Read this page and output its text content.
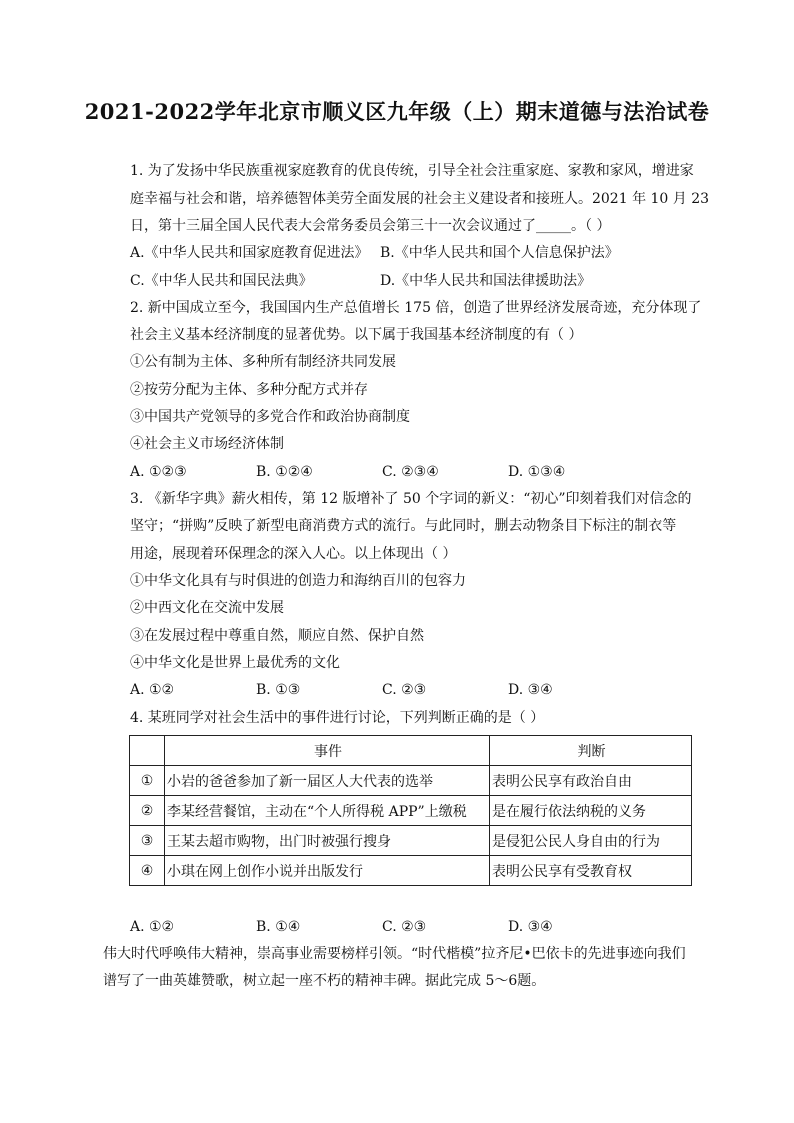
2021-2022学年北京市顺义区九年级（上）期末道德与法治试卷
1. 为了发扬中华民族重视家庭教育的优良传统，引导全社会注重家庭、家教和家风，增进家
庭幸福与社会和谐，培养德智体美劳全面发展的社会主义建设者和接班人。2021 年 10 月 23
日，第十三届全国人民代表大会常务委员会第三十一次会议通过了_____。（ ）
A.《中华人民共和国家庭教育促进法》 B.《中华人民共和国个人信息保护法》
C.《中华人民共和国民法典》	D.《中华人民共和国法律援助法》
2. 新中国成立至今，我国国内生产总值增长 175 倍，创造了世界经济发展奇迹，充分体现了
社会主义基本经济制度的显著优势。以下属于我国基本经济制度的有（ ）
①公有制为主体、多种所有制经济共同发展
②按劳分配为主体、多种分配方式并存
③中国共产党领导的多党合作和政治协商制度
④社会主义市场经济体制
A. ①②③	B. ①②④	C. ②③④	D. ①③④
3. 《新华字典》薪火相传，第 12 版增补了 50 个字词的新义：“初心”印刻着我们对信念的
坚守；“拼购”反映了新型电商消费方式的流行。与此同时，删去动物条目下标注的制衣等
用途，展现着环保理念的深入人心。以上体现出（ ）
①中华文化具有与时俱进的创造力和海纳百川的包容力
②中西文化在交流中发展
③在发展过程中尊重自然，顺应自然、保护自然
④中华文化是世界上最优秀的文化
A. ①②	B. ①③	C. ②③	D. ③④
4. 某班同学对社会生活中的事件进行讨论，下列判断正确的是（ ）
	事件	判断
①	小岩的爸爸参加了新一届区人大代表的选举	表明公民享有政治自由
②	李某经营餐馆，主动在“个人所得税 APP”上缴税	是在履行依法纳税的义务
③	王某去超市购物，出门时被强行搜身	是侵犯公民人身自由的行为
④	小琪在网上创作小说并出版发行	表明公民享有受教育权
A. ①②	B. ①④	C. ②③	D. ③④
伟大时代呼唤伟大精神，崇高事业需要榜样引领。“时代楷模”拉齐尼•巴依卡的先进事迹向我们
谱写了一曲英雄赞歌，树立起一座不朽的精神丰碑。据此完成 5～6题。
